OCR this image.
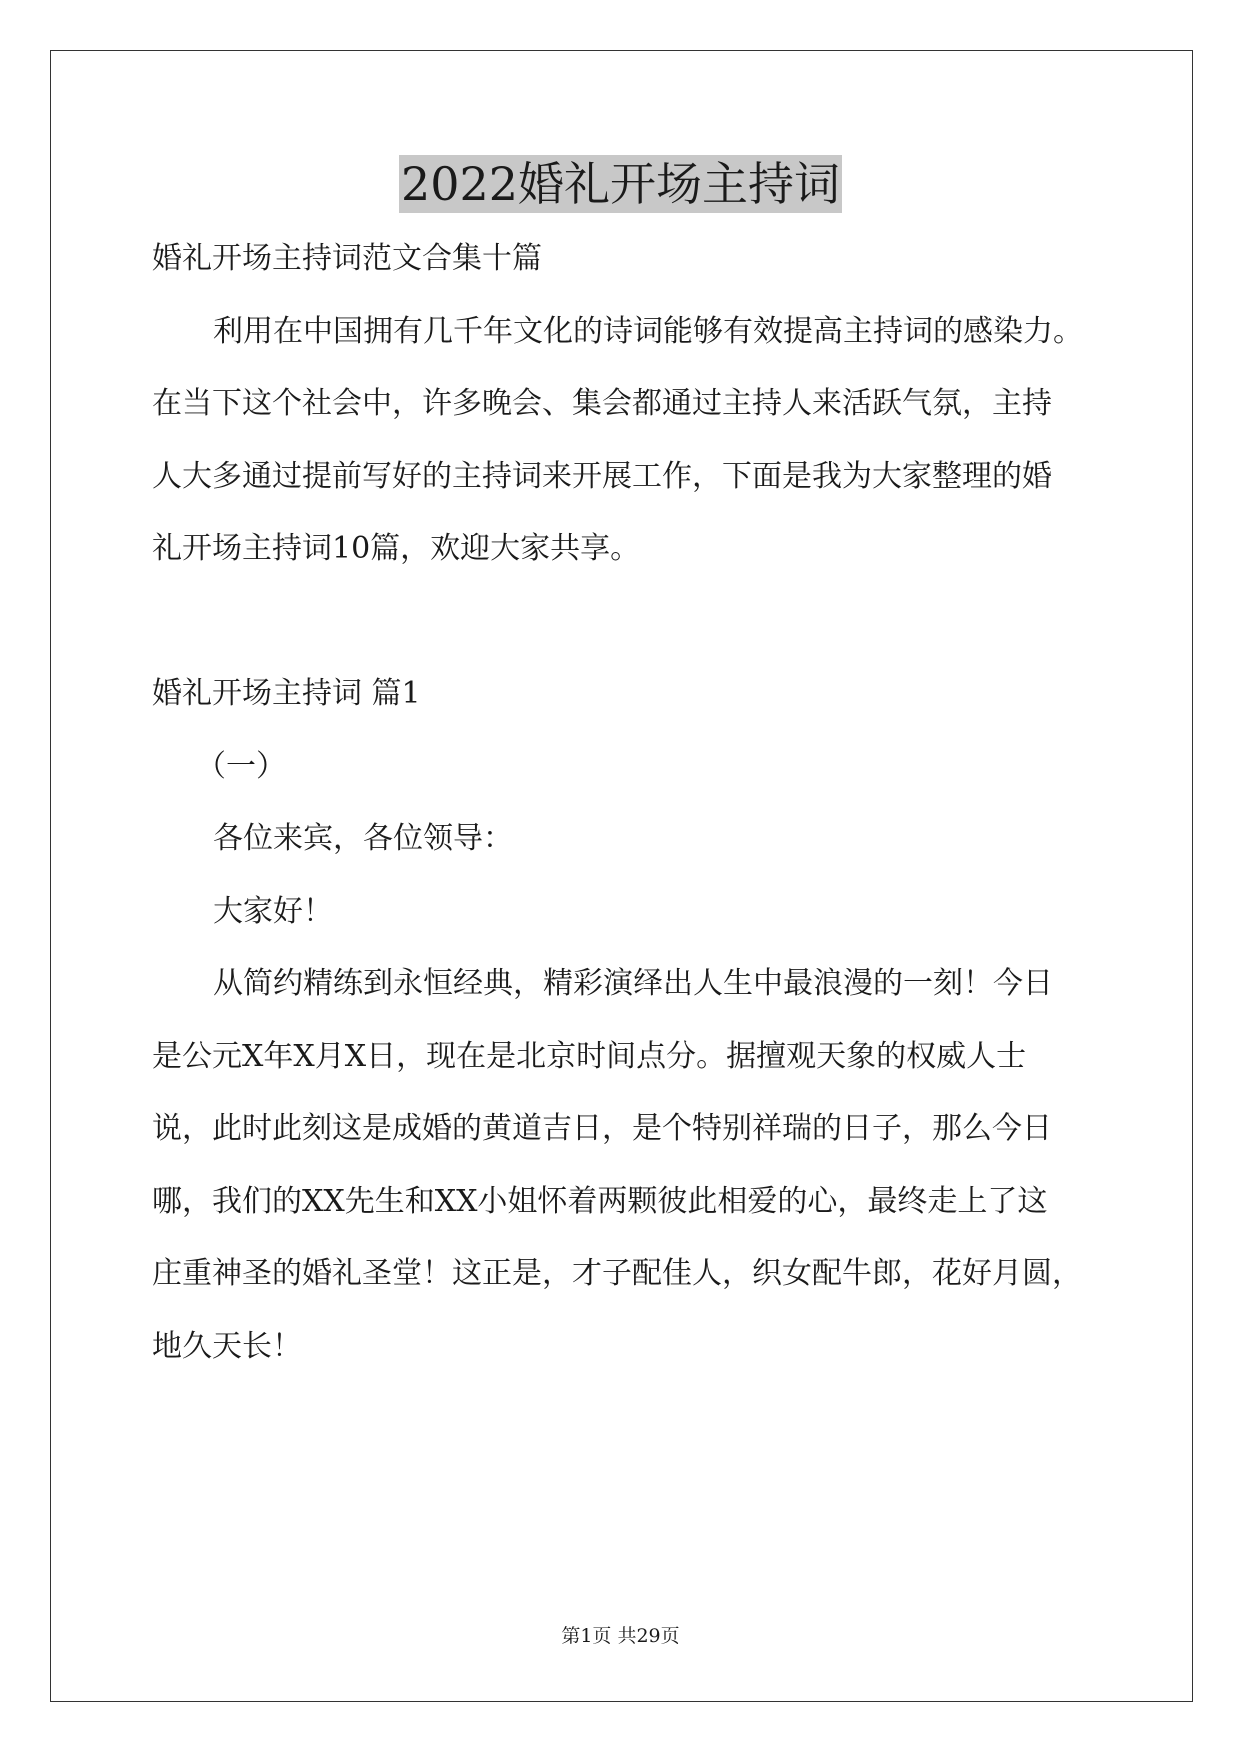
2022婚礼开场主持词
婚礼开场主持词范文合集十篇
利用在中国拥有几千年文化的诗词能够有效提高主持词的感染力。
在当下这个社会中，许多晚会、集会都通过主持人来活跃气氛，主持
人大多通过提前写好的主持词来开展工作，下面是我为大家整理的婚
礼开场主持词10篇，欢迎大家共享。
婚礼开场主持词 篇1
（一）
各位来宾，各位领导：
大家好！
从简约精练到永恒经典，精彩演绎出人生中最浪漫的一刻！今日
是公元X年X月X日，现在是北京时间点分。据擅观天象的权威人士
说，此时此刻这是成婚的黄道吉日，是个特别祥瑞的日子，那么今日
哪，我们的XX先生和XX小姐怀着两颗彼此相爱的心，最终走上了这
庄重神圣的婚礼圣堂！这正是，才子配佳人，织女配牛郎，花好月圆，
地久天长！
第1页 共29页
